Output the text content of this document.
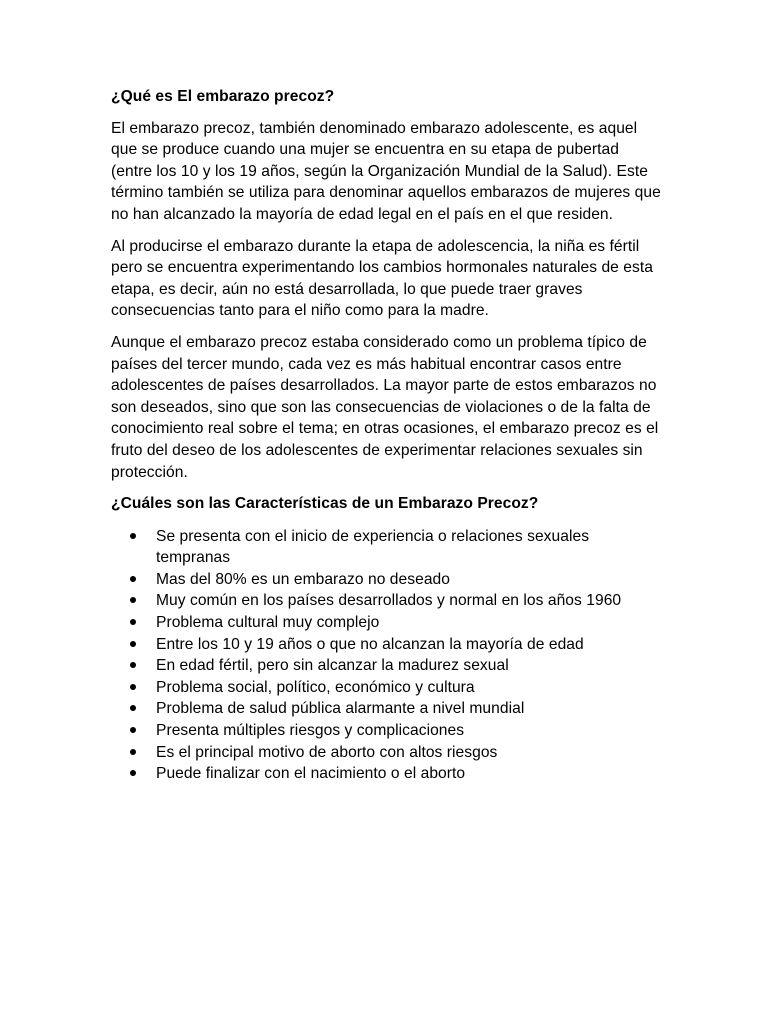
¿Qué es El embarazo precoz?

El embarazo precoz, también denominado embarazo adolescente, es aquel que se produce cuando una mujer se encuentra en su etapa de pubertad (entre los 10 y los 19 años, según la Organización Mundial de la Salud). Este término también se utiliza para denominar aquellos embarazos de mujeres que no han alcanzado la mayoría de edad legal en el país en el que residen.

Al producirse el embarazo durante la etapa de adolescencia, la niña es fértil pero se encuentra experimentando los cambios hormonales naturales de esta etapa, es decir, aún no está desarrollada, lo que puede traer graves consecuencias tanto para el niño como para la madre.

Aunque el embarazo precoz estaba considerado como un problema típico de países del tercer mundo, cada vez es más habitual encontrar casos entre adolescentes de países desarrollados. La mayor parte de estos embarazos no son deseados, sino que son las consecuencias de violaciones o de la falta de conocimiento real sobre el tema; en otras ocasiones, el embarazo precoz es el fruto del deseo de los adolescentes de experimentar relaciones sexuales sin protección.

¿Cuáles son las Características de un Embarazo Precoz?

Se presenta con el inicio de experiencia o relaciones sexuales tempranas
Mas del 80% es un embarazo no deseado
Muy común en los países desarrollados y normal en los años 1960
Problema cultural muy complejo
Entre los 10 y 19 años o que no alcanzan la mayoría de edad
En edad fértil, pero sin alcanzar la madurez sexual
Problema social, político, económico y cultura
Problema de salud pública alarmante a nivel mundial
Presenta múltiples riesgos y complicaciones
Es el principal motivo de aborto con altos riesgos
Puede finalizar con el nacimiento o el aborto
